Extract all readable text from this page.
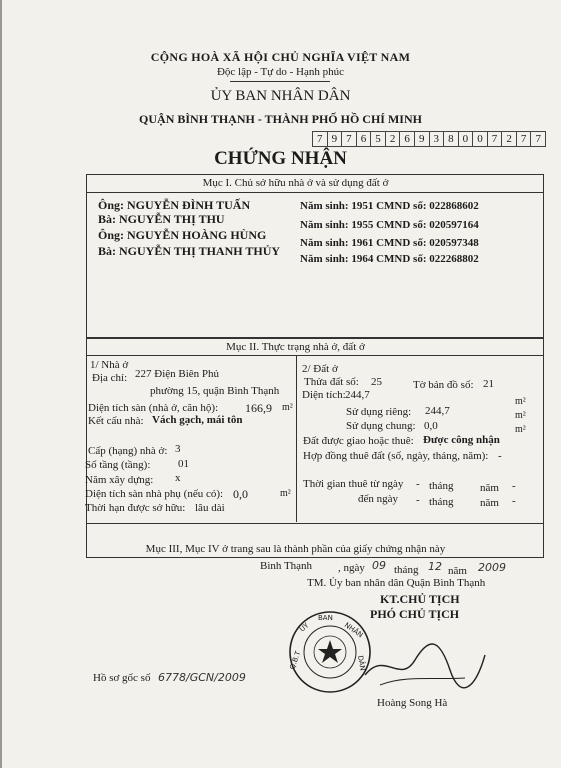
CỘNG HOÀ XÃ HỘI CHỦ NGHĨA VIỆT NAM
Độc lập - Tự do - Hạnh phúc
ỦY BAN NHÂN DÂN
QUẬN BÌNH THẠNH - THÀNH PHỐ HỒ CHÍ MINH
7 9 7 6 5 2 6 9 3 8 0 0 7 2 7 7
CHỨNG NHẬN
Mục I. Chủ sở hữu nhà ở và sử dụng đất ở
Ông: NGUYỄN ĐÌNH TUẤN	Năm sinh: 1951 CMND số: 022868602
Bà: NGUYỄN THỊ THU	Năm sinh: 1955 CMND số: 020597164
Ông: NGUYỄN HOÀNG HÙNG
Năm sinh: 1961 CMND số: 020597348
Bà: NGUYỄN THỊ THANH THỦY
Năm sinh: 1964 CMND số: 022268802
Mục II. Thực trạng nhà ở, đất ở
1/ Nhà ở
Địa chỉ: 227 Điện Biên Phủ
phường 15, quận Bình Thạnh
Diện tích sàn (nhà ở, căn hộ): 166,9 m²
Kết cấu nhà: Vách gạch, mái tôn
Cấp (hạng) nhà ở: 3
Số tầng (tầng):	01
Năm xây dựng: x
Diện tích sàn nhà phụ (nếu có): 0,0	m²
Thời hạn được sở hữu: lâu dài
2/ Đất ở
Thửa đất số: 25	Tờ bản đồ số: 21
Diện tích: 244,7
m²
Sử dụng riêng: 244,7	m²
Sử dụng chung: 0,0	m²
Đất được giao hoặc thuê: Được công nhận
Hợp đồng thuê đất (số, ngày, tháng, năm): -
Thời gian thuê từ ngày - tháng năm -
đến ngày - tháng năm -
Mục III, Mục IV ở trang sau là thành phần của giấy chứng nhận này
Bình Thạnh , ngày 09 tháng 12 năm 2009
TM. Ủy ban nhân dân Quận Bình Thạnh
KT.CHỦ TỊCH
PHÓ CHỦ TỊCH
ỦY
BAN
NHÂN
DÂN
Q.B.T
Hoàng Song Hà
Hồ sơ gốc số 6778/GCN/2009
